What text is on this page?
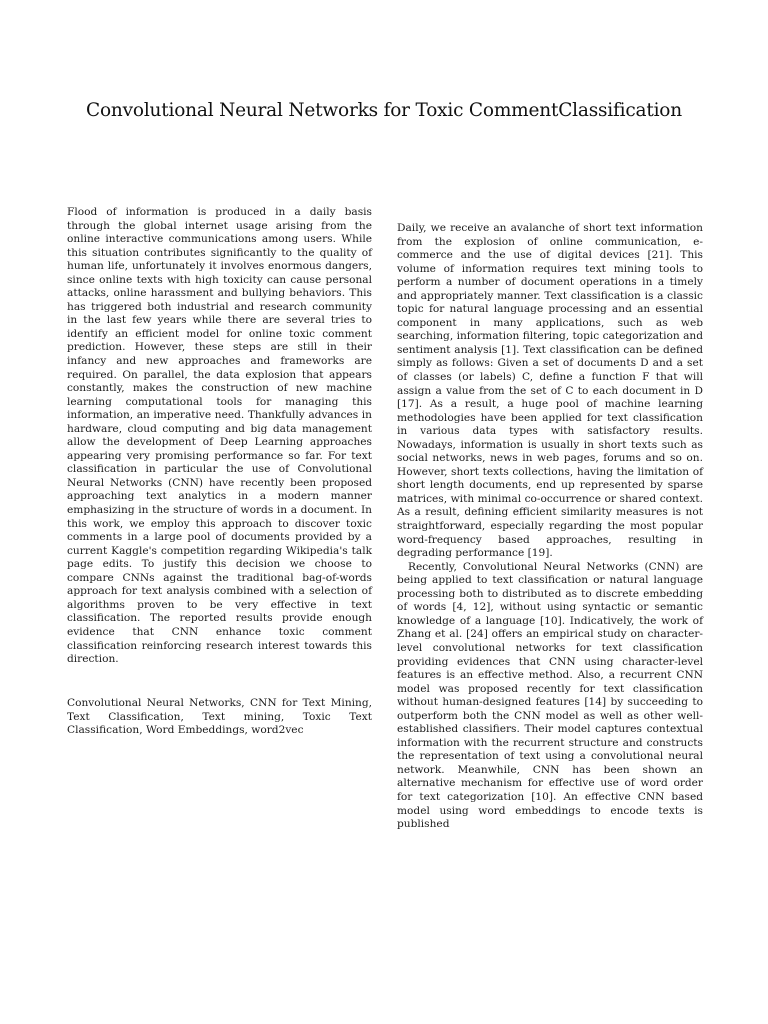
Convolutional Neural Networks for Toxic CommentClassification

Flood of information is produced in a daily basis through the global internet usage arising from the online interactive communications among users. While this situation contributes significantly to the quality of human life, unfortunately it involves enormous dangers, since online texts with high toxicity can cause personal attacks, online harassment and bullying behaviors. This has triggered both industrial and research community in the last few years while there are several tries to identify an efficient model for online toxic comment prediction. However, these steps are still in their infancy and new approaches and frameworks are required. On parallel, the data explosion that appears constantly, makes the construction of new machine learning computational tools for managing this information, an imperative need. Thankfully advances in hardware, cloud computing and big data management allow the development of Deep Learning approaches appearing very promising performance so far. For text classification in particular the use of Convolutional Neural Networks (CNN) have recently been proposed approaching text analytics in a modern manner emphasizing in the structure of words in a document. In this work, we employ this approach to discover toxic comments in a large pool of documents provided by a current Kaggle's competition regarding Wikipedia's talk page edits. To justify this decision we choose to compare CNNs against the traditional bag-of-words approach for text analysis combined with a selection of algorithms proven to be very effective in text classification. The reported results provide enough evidence that CNN enhance toxic comment classification reinforcing research interest towards this direction.

Convolutional Neural Networks, CNN for Text Mining, Text Classification, Text mining, Toxic Text Classification, Word Embeddings, word2vec

Daily, we receive an avalanche of short text information from the explosion of online communication, e-commerce and the use of digital devices [21]. This volume of information requires text mining tools to perform a number of document operations in a timely and appropriately manner. Text classification is a classic topic for natural language processing and an essential component in many applications, such as web searching, information filtering, topic categorization and sentiment analysis [1]. Text classification can be defined simply as follows: Given a set of documents D and a set of classes (or labels) C, define a function F that will assign a value from the set of C to each document in D [17]. As a result, a huge pool of machine learning methodologies have been applied for text classification in various data types with satisfactory results. Nowadays, information is usually in short texts such as social networks, news in web pages, forums and so on. However, short texts collections, having the limitation of short length documents, end up represented by sparse matrices, with minimal co-occurrence or shared context. As a result, defining efficient similarity measures is not straightforward, especially regarding the most popular word-frequency based approaches, resulting in degrading performance [19].

Recently, Convolutional Neural Networks (CNN) are being applied to text classification or natural language processing both to distributed as to discrete embedding of words [4, 12], without using syntactic or semantic knowledge of a language [10]. Indicatively, the work of Zhang et al. [24] offers an empirical study on character-level convolutional networks for text classification providing evidences that CNN using character-level features is an effective method. Also, a recurrent CNN model was proposed recently for text classification without human-designed features [14] by succeeding to outperform both the CNN model as well as other well-established classifiers. Their model captures contextual information with the recurrent structure and constructs the representation of text using a convolutional neural network. Meanwhile, CNN has been shown an alternative mechanism for effective use of word order for text categorization [10]. An effective CNN based model using word embeddings to encode texts is published
